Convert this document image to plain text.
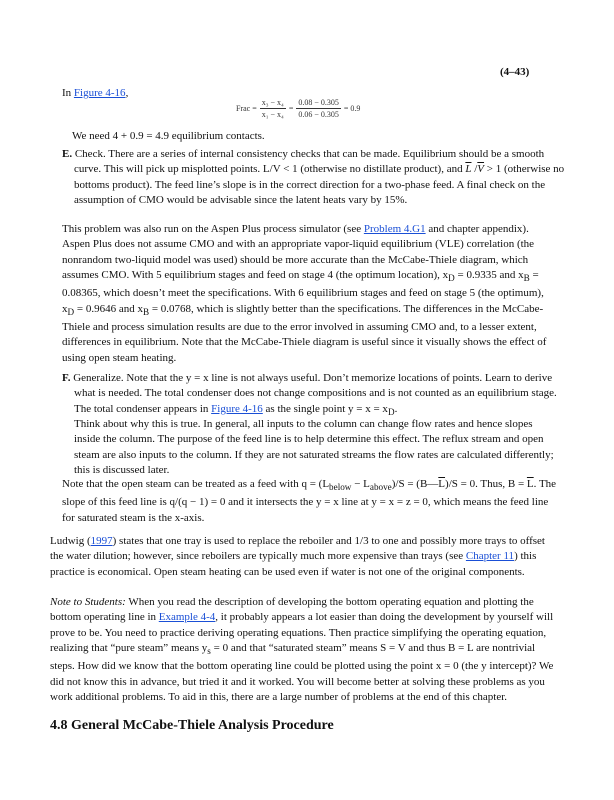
(4–43)

In Figure 4-16,

Frac = $\frac{\text{x₃ − x₄}}{\text{x₁ − x₄}} = \frac{0.08 - 0.305}{0.06 - 0.305} = 0.9$

We need 4 + 0.9 = 4.9 equilibrium contacts.

E. Check. There are a series of internal consistency checks that can be made. Equilibrium should be a smooth curve. This will pick up misplotted points. L/V < 1 (otherwise no distillate product), and $\overline{L}$ $/\overline{V} > 1$ (otherwise no bottoms product). The feed line’s slope is in the correct direction for a two-phase feed. A final check on the assumption of CMO would be advisable since the latent heats vary by 15%.

This problem was also run on the Aspen Plus process simulator (see Problem 4.G1 and chapter appendix). Aspen Plus does not assume CMO and with an appropriate vapor-liquid equilibrium (VLE) correlation (the nonrandom two-liquid model was used) should be more accurate than the McCabe-Thiele diagram, which assumes CMO. With 5 equilibrium stages and feed on stage 4 (the optimum location), $x_D = 0.9335$ and $x_B = 0.08365$, which doesn’t meet the specifications. With 6 equilibrium stages and feed on stage 5 (the optimum), $x_D = 0.9646$ and $x_B = 0.0768$, which is slightly better than the specifications. The differences in the McCabe-Thiele and process simulation results are due to the error involved in assuming CMO and, to a lesser extent, differences in equilibrium. Note that the McCabe-Thiele diagram is useful since it visually shows the effect of using open steam heating.

F. Generalize. Note that the y = x line is not always useful. Don’t memorize locations of points. Learn to derive what is needed. The total condenser does not change compositions and is not counted as an equilibrium stage. The total condenser appears in Figure 4-16 as the single point $y = x = x_D$.

Think about why this is true. In general, all inputs to the column can change flow rates and hence slopes inside the column. The purpose of the feed line is to help determine this effect. The reflux stream and open steam are also inputs to the column. If they are not saturated streams the flow rates are calculated differently; this is discussed later.

Note that the open steam can be treated as a feed with $q = (L_{below} - L_{above})/S$ = $(B—\overline{L})/S = 0$. Thus, $B = \overline{L}$. The slope of this feed line is q/(q − 1) = 0 and it intersects the y = x line at y = x = z = 0, which means the feed line for saturated steam is the x-axis.

Ludwig (1997) states that one tray is used to replace the reboiler and 1/3 to one and possibly more trays to offset the water dilution; however, since reboilers are typically much more expensive than trays (see Chapter 11) this practice is economical. Open steam heating can be used even if water is not one of the original components.

Note to Students: When you read the description of developing the bottom operating equation and plotting the bottom operating line in Example 4-4, it probably appears a lot easier than doing the development by yourself will prove to be. You need to practice deriving operating equations. Then practice simplifying the operating equation, realizing that “pure steam” means $y_s = 0$ and that “saturated steam” means S = V and thus B = L are nontrivial steps. How did we know that the bottom operating line could be plotted using the point x = 0 (the y intercept)? We did not know this in advance, but tried it and it worked. You will become better at solving these problems as you work additional problems. To aid in this, there are a large number of problems at the end of this chapter.

4.8 General McCabe-Thiele Analysis Procedure
